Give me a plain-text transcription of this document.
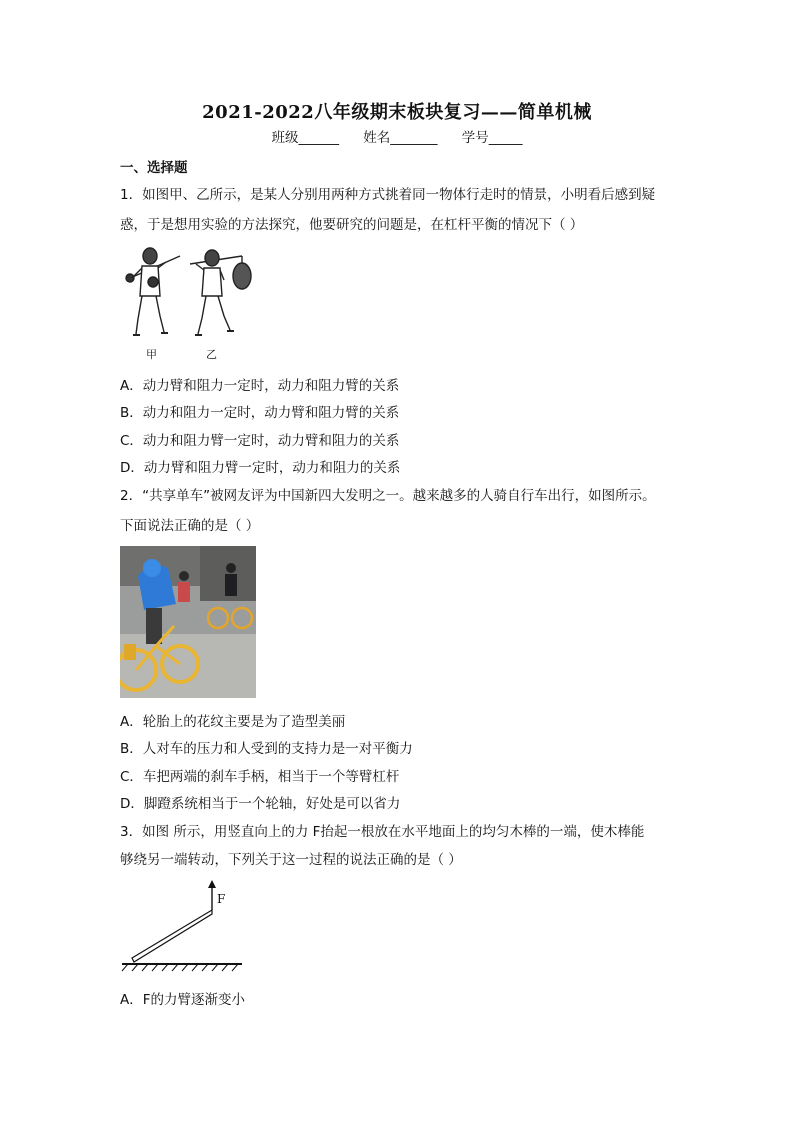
2021-2022八年级期末板块复习——简单机械
班级______ 姓名_______ 学号_____
一、选择题
1．如图甲、乙所示，是某人分别用两种方式挑着同一物体行走时的情景，小明看后感到疑
惑，于是想用实验的方法探究，他要研究的问题是，在杠杆平衡的情况下（ ）
甲	乙
A．动力臂和阻力一定时，动力和阻力臂的关系
B．动力和阻力一定时，动力臂和阻力臂的关系
C．动力和阻力臂一定时，动力臂和阻力的关系
D．动力臂和阻力臂一定时，动力和阻力的关系
2．“共享单车”被网友评为中国新四大发明之一。越来越多的人骑自行车出行，如图所示。
下面说法正确的是（ ）
A．轮胎上的花纹主要是为了造型美丽
B．人对车的压力和人受到的支持力是一对平衡力
C．车把两端的刹车手柄，相当于一个等臂杠杆
D．脚蹬系统相当于一个轮轴，好处是可以省力
3．如图 所示，用竖直向上的力 F抬起一根放在水平地面上的均匀木棒的一端，使木棒能
够绕另一端转动，下列关于这一过程的说法正确的是（ ）
F
A．F的力臂逐渐变小
